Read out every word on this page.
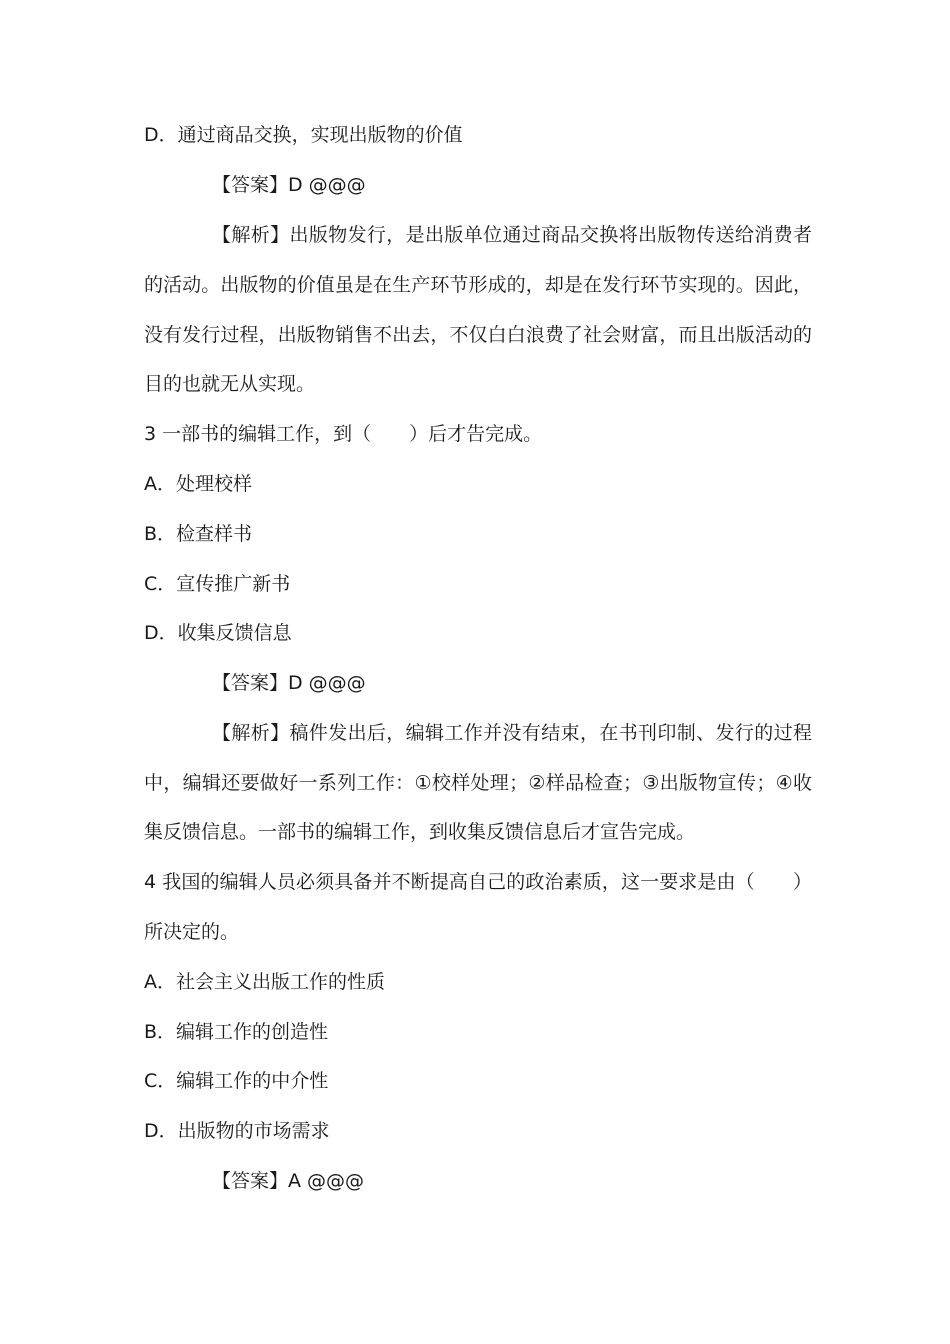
D．通过商品交换，实现出版物的价值
【答案】D @@@
【解析】出版物发行，是出版单位通过商品交换将出版物传送给消费者
的活动。出版物的价值虽是在生产环节形成的，却是在发行环节实现的。因此，
没有发行过程，出版物销售不出去，不仅白白浪费了社会财富，而且出版活动的
目的也就无从实现。
3 一部书的编辑工作，到（　　）后才告完成。
A．处理校样
B．检查样书
C．宣传推广新书
D．收集反馈信息
【答案】D @@@
【解析】稿件发出后，编辑工作并没有结束，在书刊印制、发行的过程
中，编辑还要做好一系列工作：①校样处理；②样品检查；③出版物宣传；④收
集反馈信息。一部书的编辑工作，到收集反馈信息后才宣告完成。
4 我国的编辑人员必须具备并不断提高自己的政治素质，这一要求是由（　　）
所决定的。
A．社会主义出版工作的性质
B．编辑工作的创造性
C．编辑工作的中介性
D．出版物的市场需求
【答案】A @@@
